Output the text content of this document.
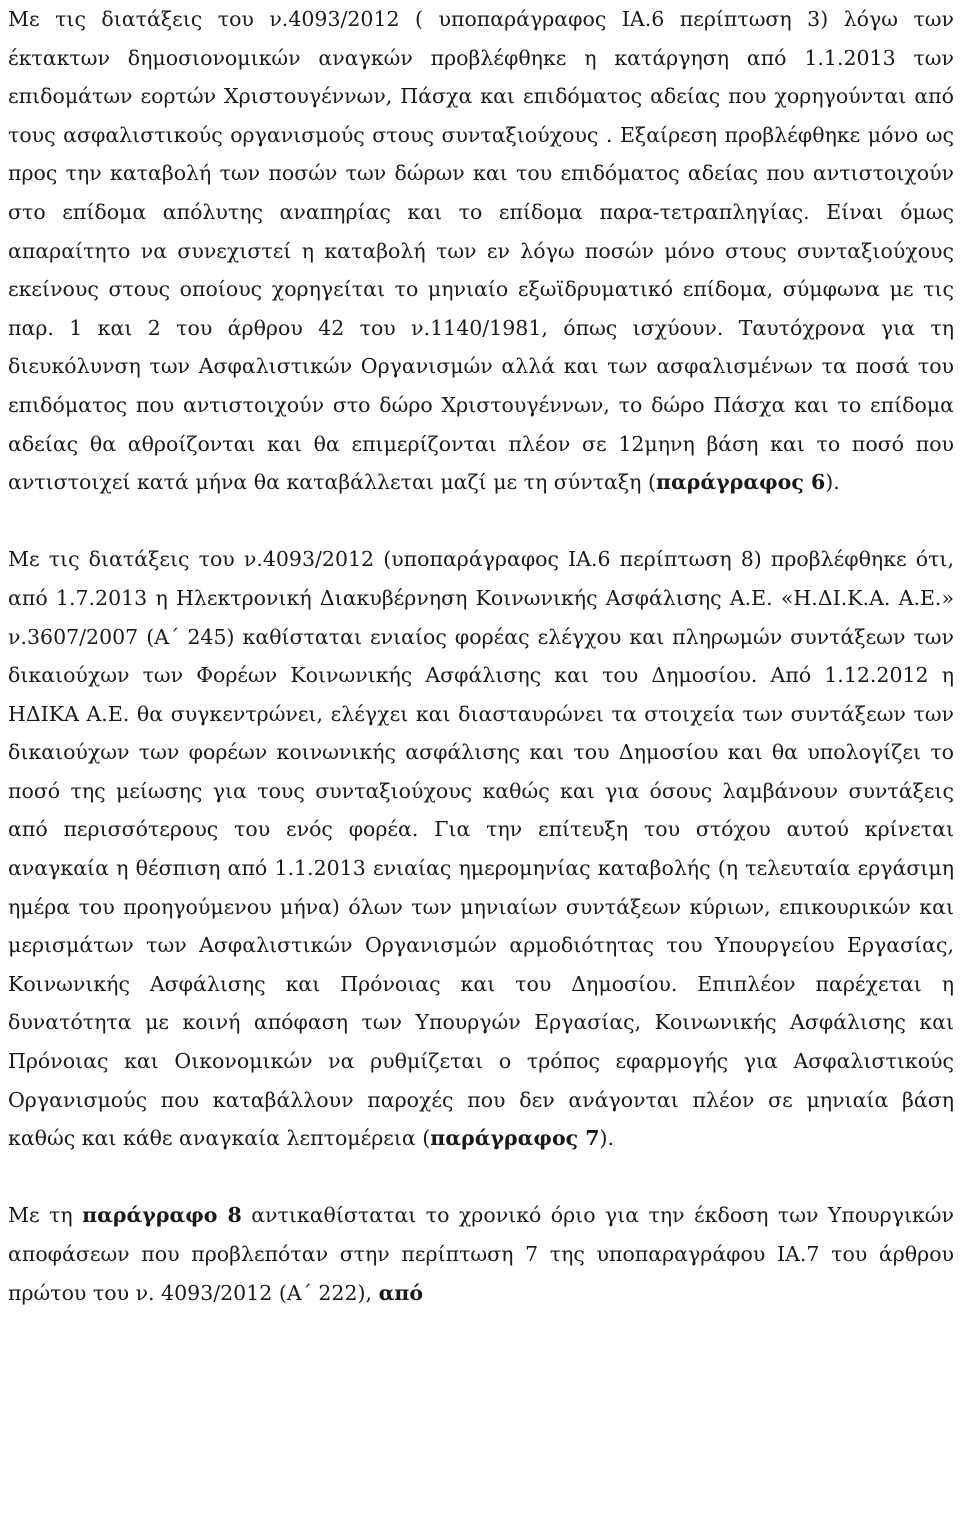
Με τις διατάξεις του ν.4093/2012 ( υποπαράγραφος ΙΑ.6 περίπτωση 3) λόγω των έκτακτων δημοσιονομικών αναγκών προβλέφθηκε η κατάργηση από 1.1.2013 των επιδομάτων εορτών Χριστουγέννων, Πάσχα και επιδόματος αδείας που χορηγούνται από τους ασφαλιστικούς οργανισμούς στους συνταξιούχους . Εξαίρεση προβλέφθηκε μόνο ως προς την καταβολή των ποσών των δώρων και του επιδόματος αδείας που αντιστοιχούν στο επίδομα απόλυτης αναπηρίας και το επίδομα παρα-τετραπληγίας. Είναι όμως απαραίτητο να συνεχιστεί η καταβολή των εν λόγω ποσών μόνο στους συνταξιούχους εκείνους στους οποίους χορηγείται το μηνιαίο εξωϊδρυματικό επίδομα, σύμφωνα με τις παρ. 1 και 2 του άρθρου 42 του ν.1140/1981, όπως ισχύουν. Ταυτόχρονα για τη διευκόλυνση των Ασφαλιστικών Οργανισμών αλλά και των ασφαλισμένων τα ποσά του επιδόματος που αντιστοιχούν στο δώρο Χριστουγέννων, το δώρο Πάσχα και το επίδομα αδείας θα αθροίζονται και θα επιμερίζονται πλέον σε 12μηνη βάση και το ποσό που αντιστοιχεί κατά μήνα θα καταβάλλεται μαζί με τη σύνταξη (παράγραφος 6).

Με τις διατάξεις του ν.4093/2012 (υποπαράγραφος ΙΑ.6 περίπτωση 8) προβλέφθηκε ότι, από 1.7.2013 η Ηλεκτρονική Διακυβέρνηση Κοινωνικής Ασφάλισης Α.Ε. «Η.ΔΙ.Κ.Α. Α.Ε.» ν.3607/2007 (Α΄ 245) καθίσταται ενιαίος φορέας ελέγχου και πληρωμών συντάξεων των δικαιούχων των Φορέων Κοινωνικής Ασφάλισης και του Δημοσίου. Από 1.12.2012 η ΗΔΙΚΑ Α.Ε. θα συγκεντρώνει, ελέγχει και διασταυρώνει τα στοιχεία των συντάξεων των δικαιούχων των φορέων κοινωνικής ασφάλισης και του Δημοσίου και θα υπολογίζει το ποσό της μείωσης για τους συνταξιούχους καθώς και για όσους λαμβάνουν συντάξεις από περισσότερους του ενός φορέα. Για την επίτευξη του στόχου αυτού κρίνεται αναγκαία η θέσπιση από 1.1.2013 ενιαίας ημερομηνίας καταβολής (η τελευταία εργάσιμη ημέρα του προηγούμενου μήνα) όλων των μηνιαίων συντάξεων κύριων, επικουρικών και μερισμάτων των Ασφαλιστικών Οργανισμών αρμοδιότητας του Υπουργείου Εργασίας, Κοινωνικής Ασφάλισης και Πρόνοιας και του Δημοσίου. Επιπλέον παρέχεται η δυνατότητα με κοινή απόφαση των Υπουργών Εργασίας, Κοινωνικής Ασφάλισης και Πρόνοιας και Οικονομικών να ρυθμίζεται ο τρόπος εφαρμογής για Ασφαλιστικούς Οργανισμούς που καταβάλλουν παροχές που δεν ανάγονται πλέον σε μηνιαία βάση καθώς και κάθε αναγκαία λεπτομέρεια (παράγραφος 7).

Με τη παράγραφο 8 αντικαθίσταται το χρονικό όριο για την έκδοση των Υπουργικών αποφάσεων που προβλεπόταν στην περίπτωση 7 της υποπαραγράφου ΙΑ.7 του άρθρου πρώτου του ν. 4093/2012 (Α΄ 222), από
